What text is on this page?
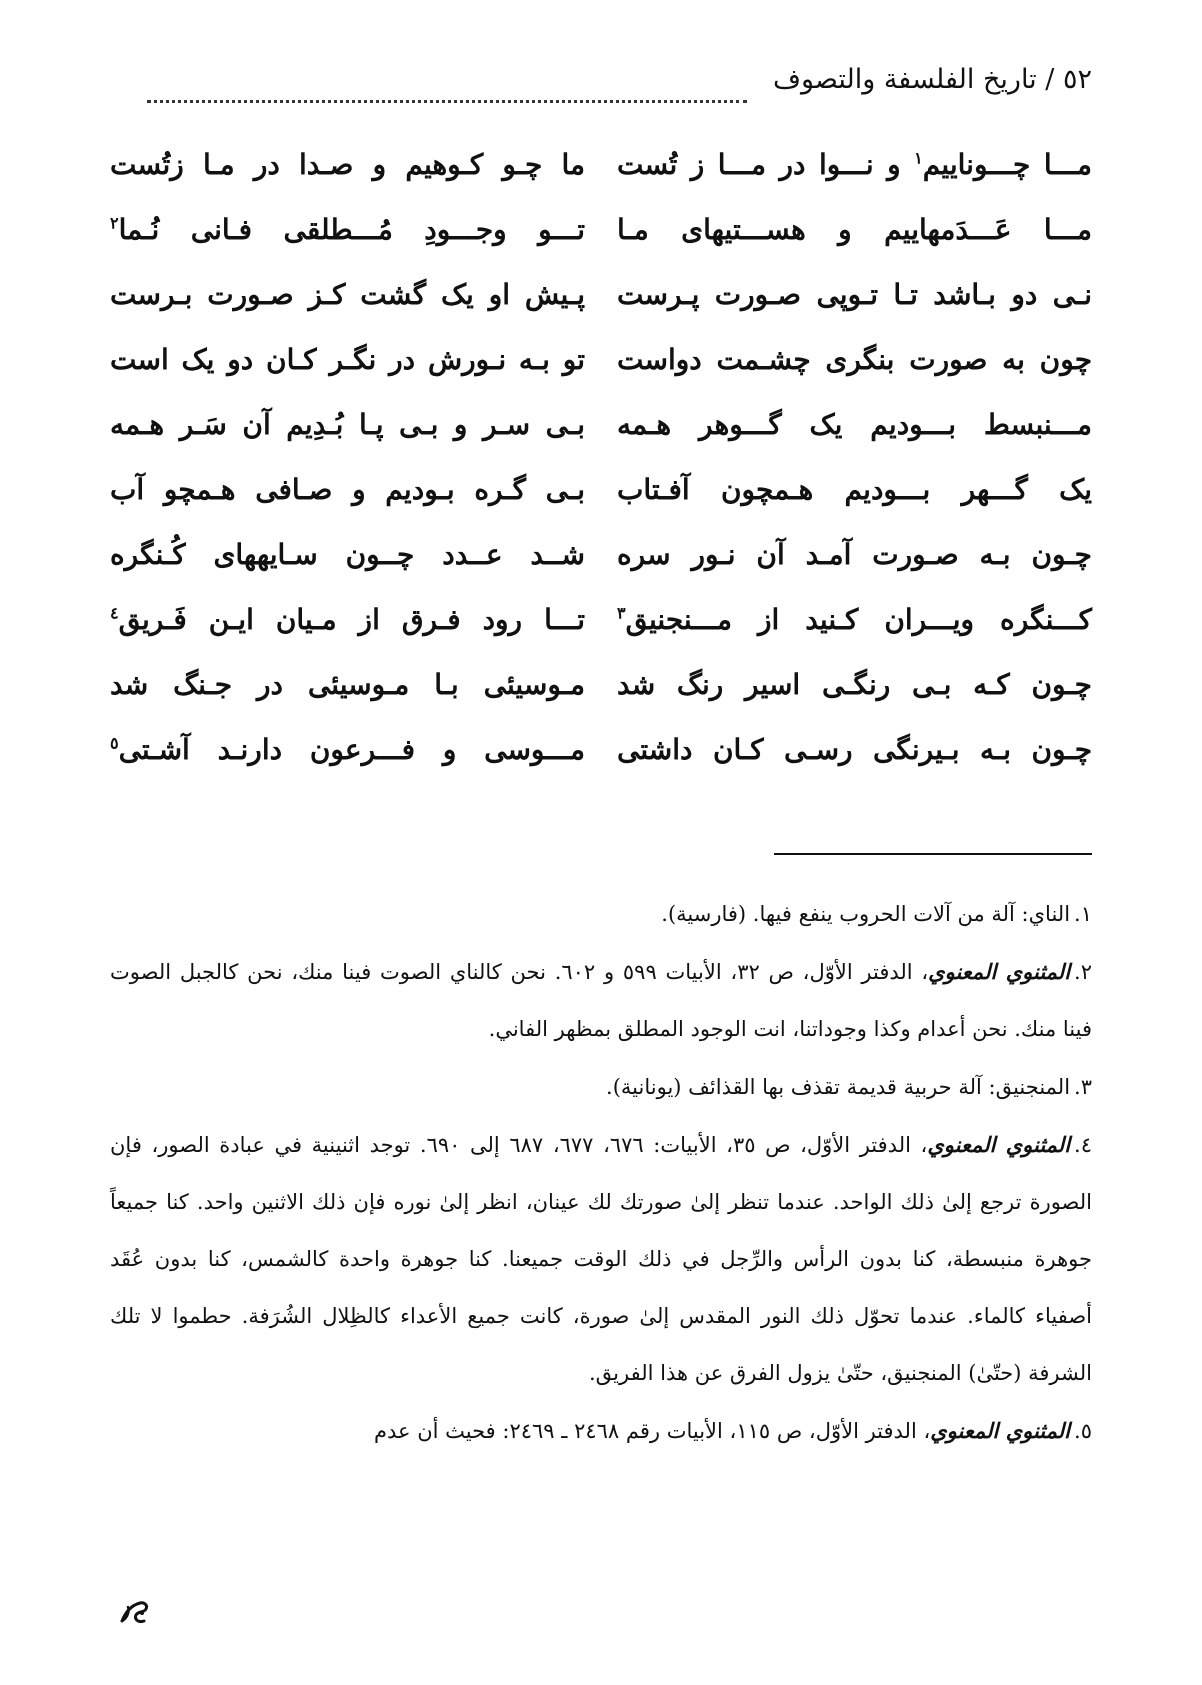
٥٢ / تاريخ الفلسفة والتصوف
مـــا چـــونايیم$^١$ و نـــوا در مـــا ز تُست
ما چـو کـوهیم و صـدا در مـا زتُست
مـــا عَـــدَمهاییم و هســـتیهای مـا
تـــو وجـــودِ مُـــطلقی فـانی نُـما$^٢$
نـی دو بـاشد تـا تـوپی صـورت پـرست
پـیش او یک گشت کـز صـورت بـرست
چون به صورت بنگری چشـمت دواست
تو بـه نـورش در نگـر کـان دو یک است
مـــنبسط بـــودیم یک گـــوهر هـمه
بـی سـر و بـی پـا بُـدِیم آن سَـر هـمه
یک گـــهر بـــودیم هـمچون آفـتاب
بـی گـره بـودیم و صـافی هـمچو آب
چـون بـه صـورت آمـد آن نـور سره
شــد عــدد چــون سـایههای کُـنگره
کـــنگره ویـــران کـنید از مـــنجنیق$^٣$
تـــا رود فـرق از مـیان ایـن فَـریق$^٤$
چـون کـه بـی رنگـی اسیر رنگ شد
مـوسیئی بـا مـوسیئی در جـنگ شد
چـون بـه بـیرنگی رسـی کـان داشتی
مـــوسی و فـــرعون دارنـد آشـتی$^٥$

١.الناي: آلة من آلات الحروب ينفع فيها. (فارسية).

٢.المثنوي المعنوي، الدفتر الأوّل، ص ٣٢، الأبيات ٥٩٩ و ٦٠٢. نحن كالناي الصوت فينا منك، نحن كالجبل الصوت فينا منك. نحن أعدام وكذا وجوداتنا، انت الوجود المطلق بمظهر الفاني.

٣.المنجنيق: آلة حربية قديمة تقذف بها القذائف (يونانية).

٤.المثنوي المعنوي، الدفتر الأوّل، ص ٣٥، الأبيات: ٦٧٦، ٦٧٧، ٦٨٧ إلى ٦٩٠. توجد اثنينية في عبادة الصور، فإن الصورة ترجع إلىٰ ذلك الواحد. عندما تنظر إلىٰ صورتك لك عينان، انظر إلىٰ نوره فإن ذلك الاثنين واحد. كنا جميعاً جوهرة منبسطة، كنا بدون الرأس والرِّجل في ذلك الوقت جميعنا. كنا جوهرة واحدة كالشمس، كنا بدون عُقَد أصفياء كالماء. عندما تحوّل ذلك النور المقدس إلىٰ صورة، كانت جميع الأعداء كالظِلال الشُرَفة. حطموا لا تلك الشرفة (حتّىٰ) المنجنيق، حتّىٰ يزول الفرق عن هذا الفريق.

٥.المثنوي المعنوي، الدفتر الأوّل، ص ١١٥، الأبيات رقم ٢٤٦٨ ـ ٢٤٦٩: فحيث أن عدم
